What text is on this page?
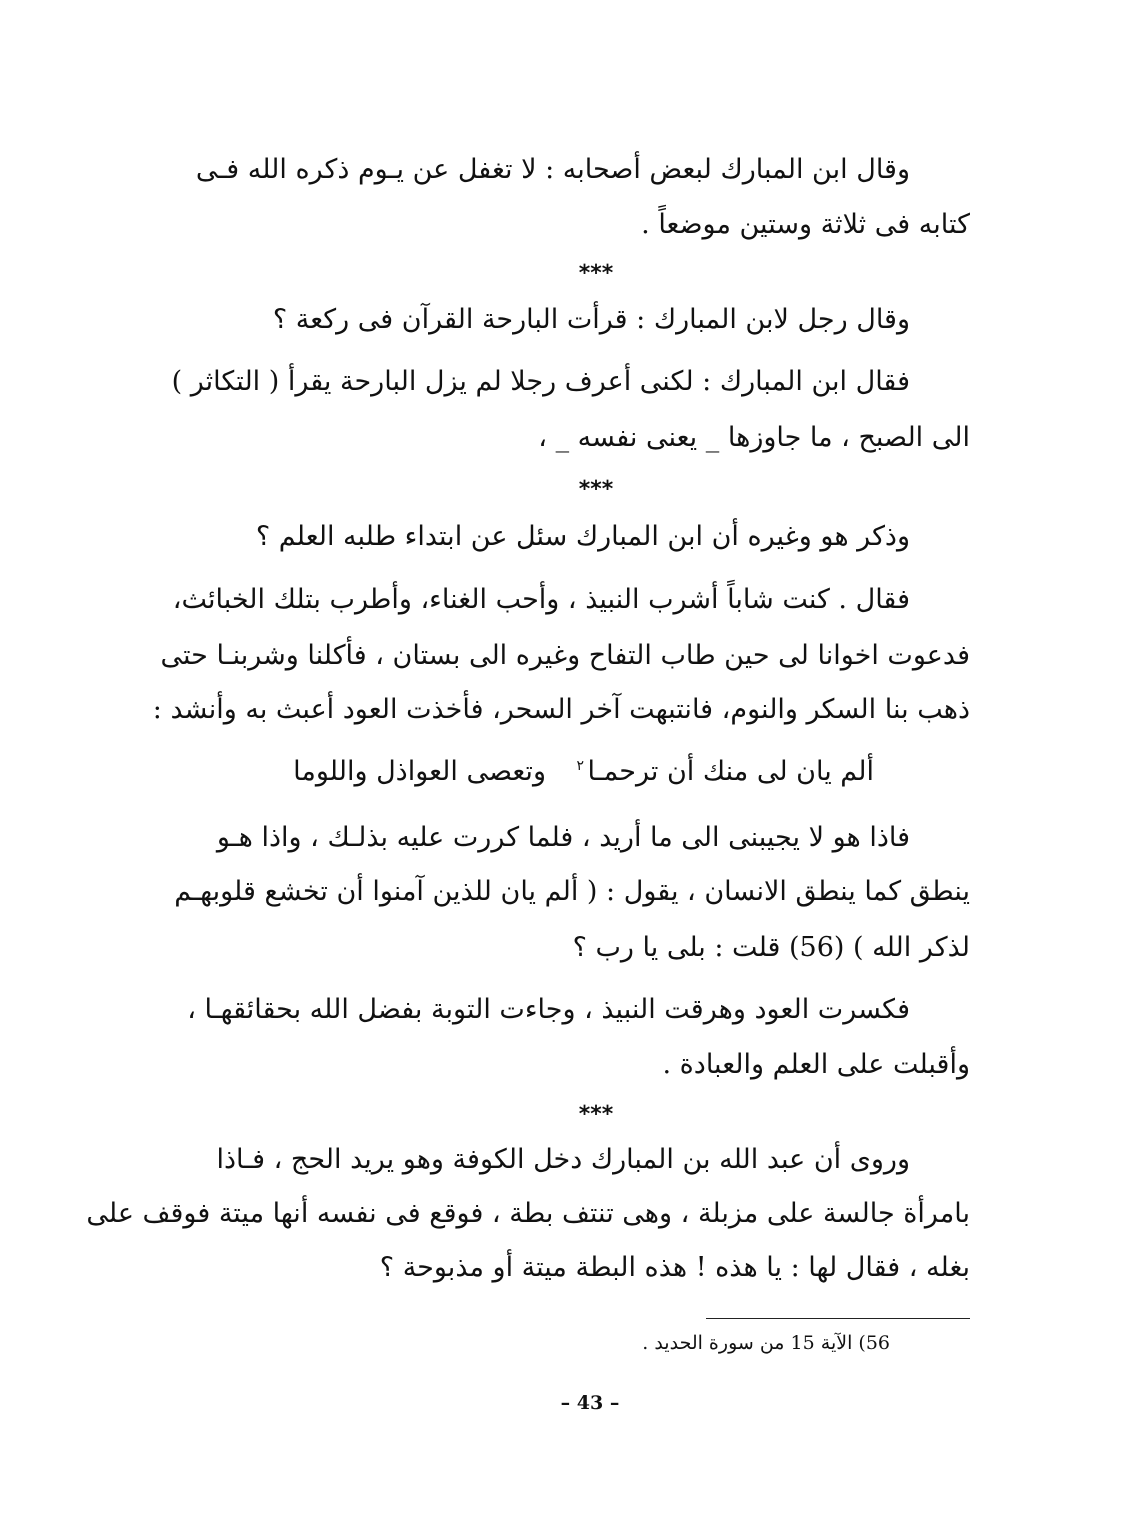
وقال ابن المبارك لبعض أصحابه : لا تغفل عن يـوم ذكره الله فـى
كتابه فى ثلاثة وستين موضعاً .
***
وقال رجل لابن المبارك : قرأت البارحة القرآن فى ركعة ؟
فقال ابن المبارك : لكنى أعرف رجلا لم يزل البارحة يقرأ ( التكاثر )
الى الصبح ، ما جاوزها _ يعنى نفسه _ ،
***
وذكر هو وغيره أن ابن المبارك سئل عن ابتداء طلبه العلم ؟
فقال . كنت شاباً أشرب النبيذ ، وأحب الغناء، وأطرب بتلك الخبائث،
فدعوت اخوانا لى حين طاب التفاح وغيره الى بستان ، فأكلنا وشربنـا حتى
ذهب بنا السكر والنوم، فانتبهت آخر السحر، فأخذت العود أعبث به وأنشد :
ألم يان لى منك أن ترحمـا
٢
وتعصى العواذل واللوما
فاذا هو لا يجيبنى الى ما أريد ، فلما كررت عليه بذلـك ، واذا هـو
ينطق كما ينطق الانسان ، يقول : ( ألم يان للذين آمنوا أن تخشع قلوبهـم
لذكر الله ) (56) قلت : بلى يا رب ؟
فكسرت العود وهرقت النبيذ ، وجاءت التوبة بفضل الله بحقائقهـا ،
وأقبلت على العلم والعبادة .
***
وروى أن عبد الله بن المبارك دخل الكوفة وهو يريد الحج ، فـاذا
بامرأة جالسة على مزبلة ، وهى تنتف بطة ، فوقع فى نفسه أنها ميتة فوقف على
بغله ، فقال لها : يا هذه ! هذه البطة ميتة أو مذبوحة ؟
56) الآية 15 من سورة الحديد .
– 43 –
